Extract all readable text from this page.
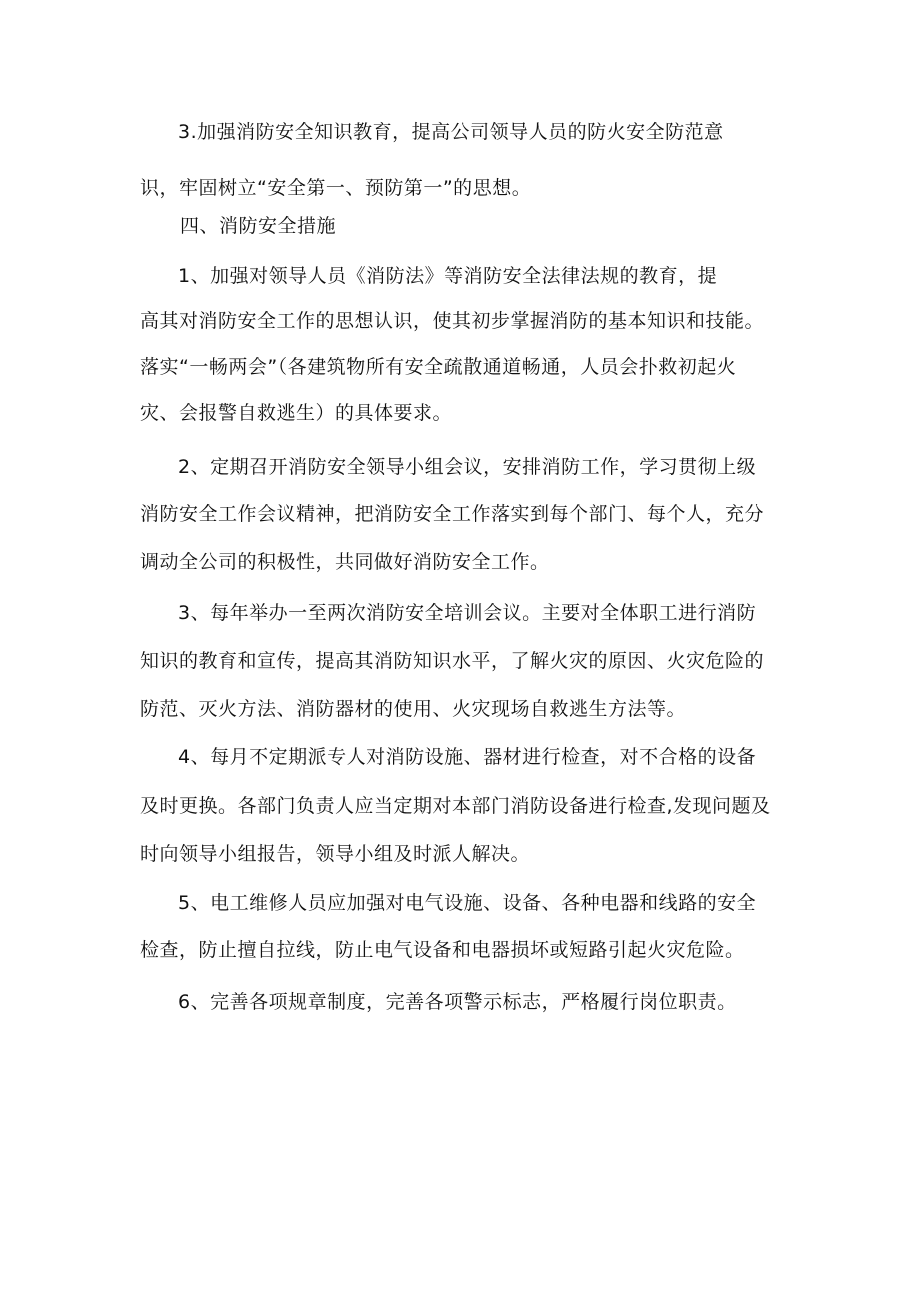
3.加强消防安全知识教育，提高公司领导人员的防火安全防范意
识，牢固树立“安全第一、预防第一”的思想。
四、消防安全措施
1、加强对领导人员《消防法》等消防安全法律法规的教育，提
高其对消防安全工作的思想认识，使其初步掌握消防的基本知识和技能。
落实“一畅两会”（各建筑物所有安全疏散通道畅通，人员会扑救初起火
灾、会报警自救逃生）的具体要求。
2、定期召开消防安全领导小组会议，安排消防工作，学习贯彻上级
消防安全工作会议精神，把消防安全工作落实到每个部门、每个人，充分
调动全公司的积极性，共同做好消防安全工作。
3、每年举办一至两次消防安全培训会议。主要对全体职工进行消防
知识的教育和宣传，提高其消防知识水平，了解火灾的原因、火灾危险的
防范、灭火方法、消防器材的使用、火灾现场自救逃生方法等。
4、每月不定期派专人对消防设施、器材进行检查，对不合格的设备
及时更换。各部门负责人应当定期对本部门消防设备进行检查,发现问题及
时向领导小组报告，领导小组及时派人解决。
5、电工维修人员应加强对电气设施、设备、各种电器和线路的安全
检查，防止擅自拉线，防止电气设备和电器损坏或短路引起火灾危险。
6、完善各项规章制度，完善各项警示标志，严格履行岗位职责。
